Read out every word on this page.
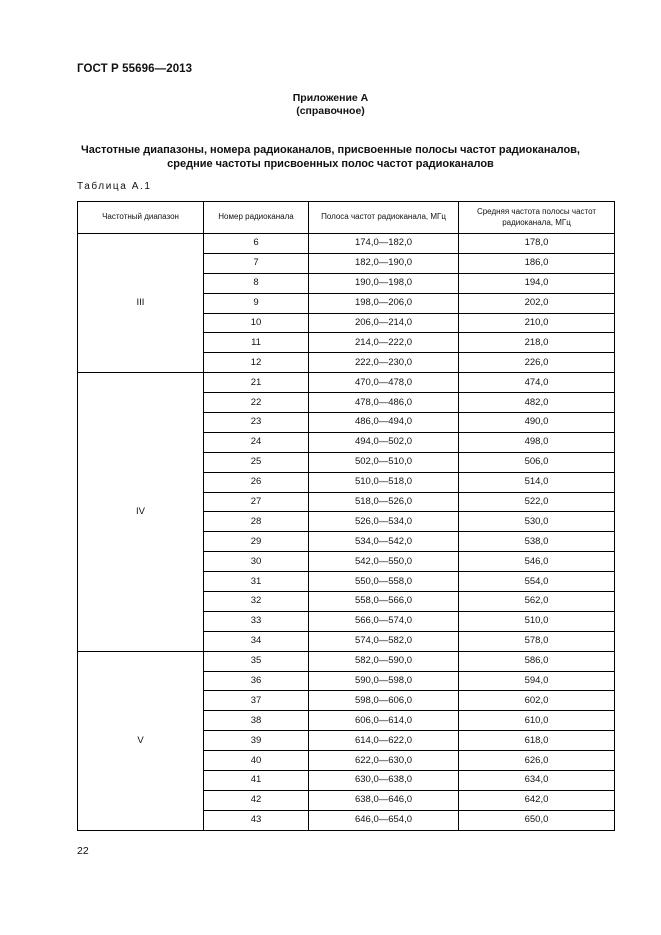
ГОСТ Р 55696—2013
Приложение А
(справочное)
Частотные диапазоны, номера радиоканалов, присвоенные полосы частот радиоканалов,
средние частоты присвоенных полос частот радиоканалов
Таблица А.1
Частотный диапазон	Номер радиоканала	Полоса частот радиоканала, МГц	Средняя частота полосы частот радиоканала, МГц
III	6	174,0—182,0	178,0
	7	182,0—190,0	186,0
	8	190,0—198,0	194,0
	9	198,0—206,0	202,0
	10	206,0—214,0	210,0
	11	214,0—222,0	218,0
	12	222,0—230,0	226,0
IV	21	470,0—478,0	474,0
	22	478,0—486,0	482,0
	23	486,0—494,0	490,0
	24	494,0—502,0	498,0
	25	502,0—510,0	506,0
	26	510,0—518,0	514,0
	27	518,0—526,0	522,0
	28	526,0—534,0	530,0
	29	534,0—542,0	538,0
	30	542,0—550,0	546,0
	31	550,0—558,0	554,0
	32	558,0—566,0	562,0
	33	566,0—574,0	510,0
	34	574,0—582,0	578,0
V	35	582,0—590,0	586,0
	36	590,0—598,0	594,0
	37	598,0—606,0	602,0
	38	606,0—614,0	610,0
	39	614,0—622,0	618,0
	40	622,0—630,0	626,0
	41	630,0—638,0	634,0
	42	638,0—646,0	642,0
	43	646,0—654,0	650,0
22
